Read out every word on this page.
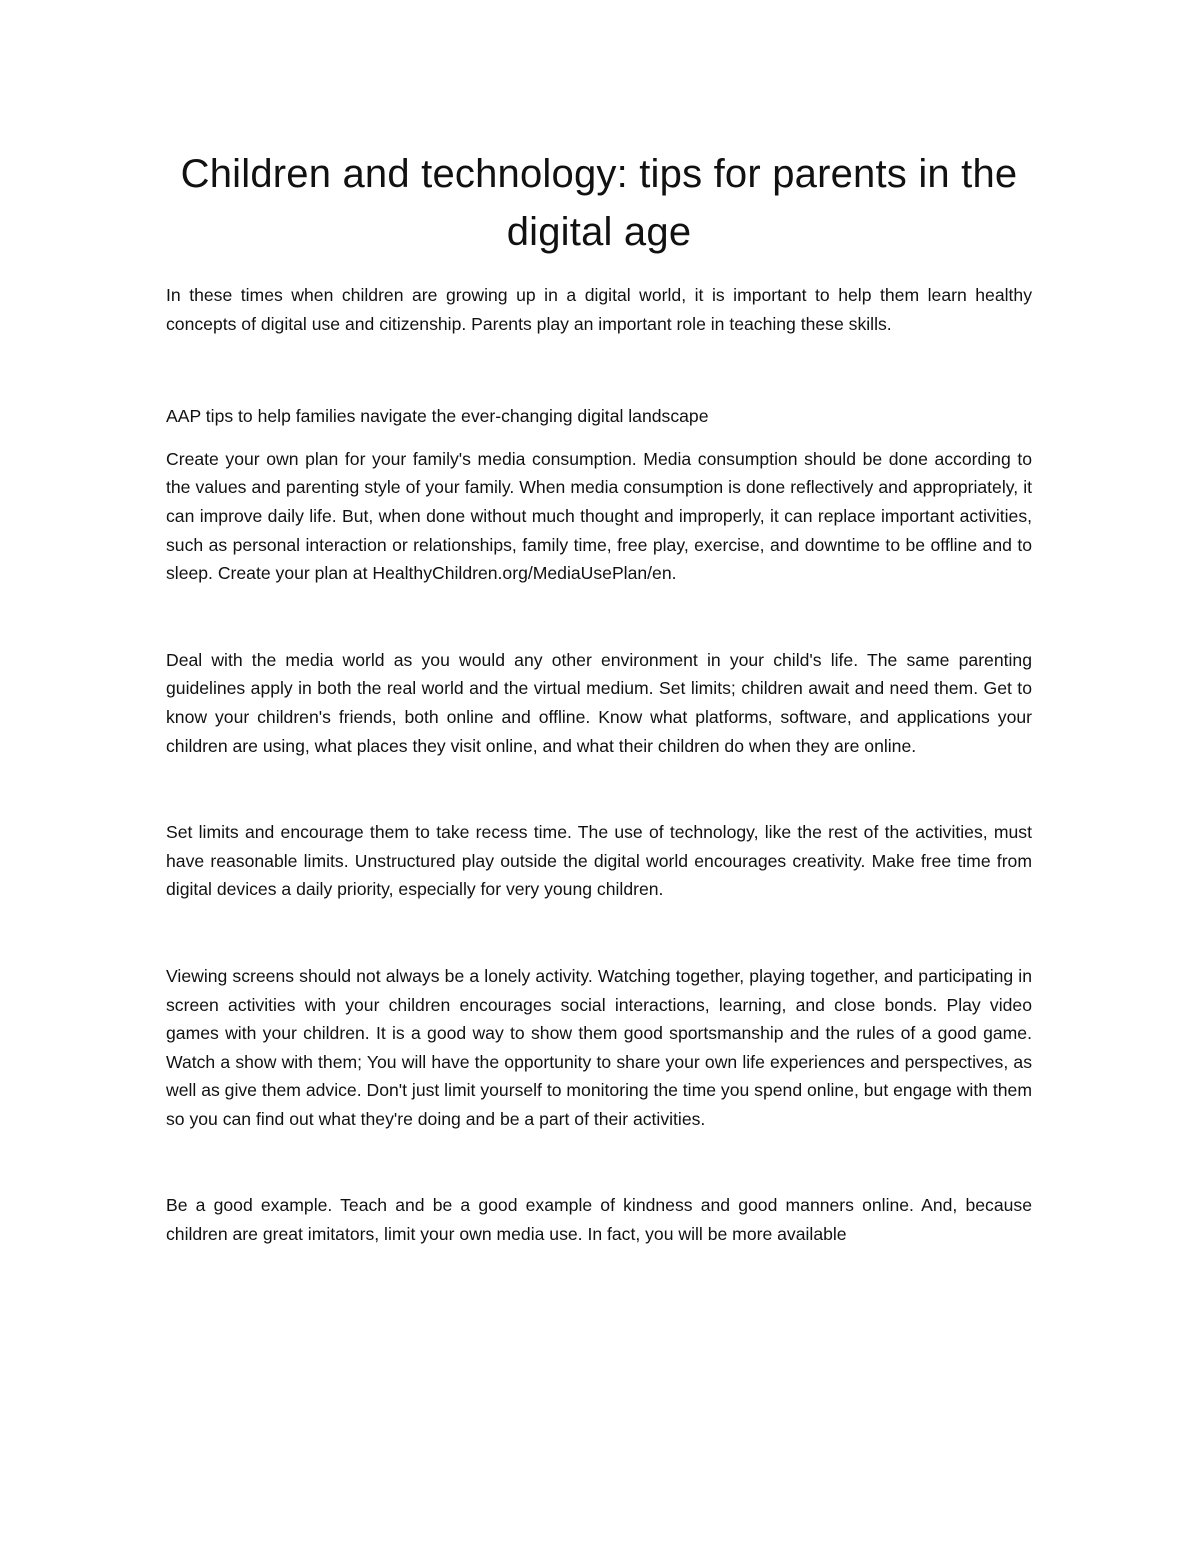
Children and technology: tips for parents in the digital age

In these times when children are growing up in a digital world, it is important to help them learn healthy concepts of digital use and citizenship. Parents play an important role in teaching these skills.

AAP tips to help families navigate the ever-changing digital landscape

Create your own plan for your family's media consumption. Media consumption should be done according to the values and parenting style of your family. When media consumption is done reflectively and appropriately, it can improve daily life. But, when done without much thought and improperly, it can replace important activities, such as personal interaction or relationships, family time, free play, exercise, and downtime to be offline and to sleep. Create your plan at HealthyChildren.org/MediaUsePlan/en.

Deal with the media world as you would any other environment in your child's life. The same parenting guidelines apply in both the real world and the virtual medium. Set limits; children await and need them. Get to know your children's friends, both online and offline. Know what platforms, software, and applications your children are using, what places they visit online, and what their children do when they are online.

Set limits and encourage them to take recess time. The use of technology, like the rest of the activities, must have reasonable limits. Unstructured play outside the digital world encourages creativity. Make free time from digital devices a daily priority, especially for very young children.

Viewing screens should not always be a lonely activity. Watching together, playing together, and participating in screen activities with your children encourages social interactions, learning, and close bonds. Play video games with your children. It is a good way to show them good sportsmanship and the rules of a good game. Watch a show with them; You will have the opportunity to share your own life experiences and perspectives, as well as give them advice. Don't just limit yourself to monitoring the time you spend online, but engage with them so you can find out what they're doing and be a part of their activities.

Be a good example. Teach and be a good example of kindness and good manners online. And, because children are great imitators, limit your own media use. In fact, you will be more available
